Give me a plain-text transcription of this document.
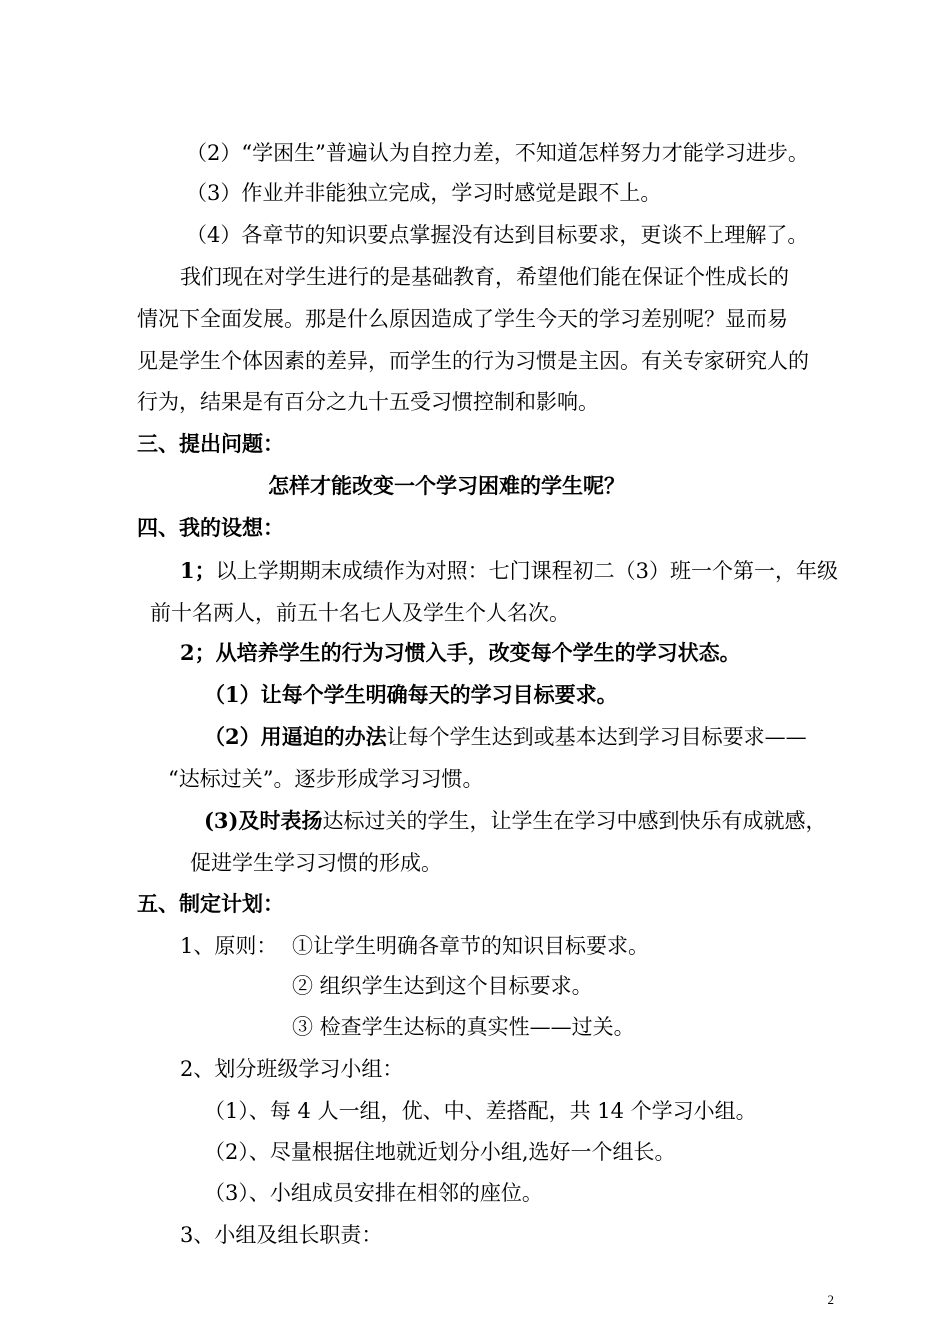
（2）“学困生”普遍认为自控力差，不知道怎样努力才能学习进步。
（3）作业并非能独立完成，学习时感觉是跟不上。
（4）各章节的知识要点掌握没有达到目标要求，更谈不上理解了。
我们现在对学生进行的是基础教育，希望他们能在保证个性成长的
情况下全面发展。那是什么原因造成了学生今天的学习差别呢？显而易
见是学生个体因素的差异，而学生的行为习惯是主因。有关专家研究人的
行为，结果是有百分之九十五受习惯控制和影响。
三、提出问题：
怎样才能改变一个学习困难的学生呢？
四、我的设想：
1；以上学期期末成绩作为对照：七门课程初二（3）班一个第一，年级
前十名两人，前五十名七人及学生个人名次。
2；从培养学生的行为习惯入手，改变每个学生的学习状态。
（1）让每个学生明确每天的学习目标要求。
（2）用逼迫的办法让每个学生达到或基本达到学习目标要求——
“达标过关”。逐步形成学习习惯。
(3)及时表扬达标过关的学生，让学生在学习中感到快乐有成就感，
促进学生学习习惯的形成。
五、制定计划：
1、原则： ①让学生明确各章节的知识目标要求。
② 组织学生达到这个目标要求。
③ 检查学生达标的真实性——过关。
2、划分班级学习小组：
（1）、每 4 人一组，优、中、差搭配，共 14 个学习小组。
（2）、尽量根据住地就近划分小组,选好一个组长。
（3）、小组成员安排在相邻的座位。
3、小组及组长职责：
2
